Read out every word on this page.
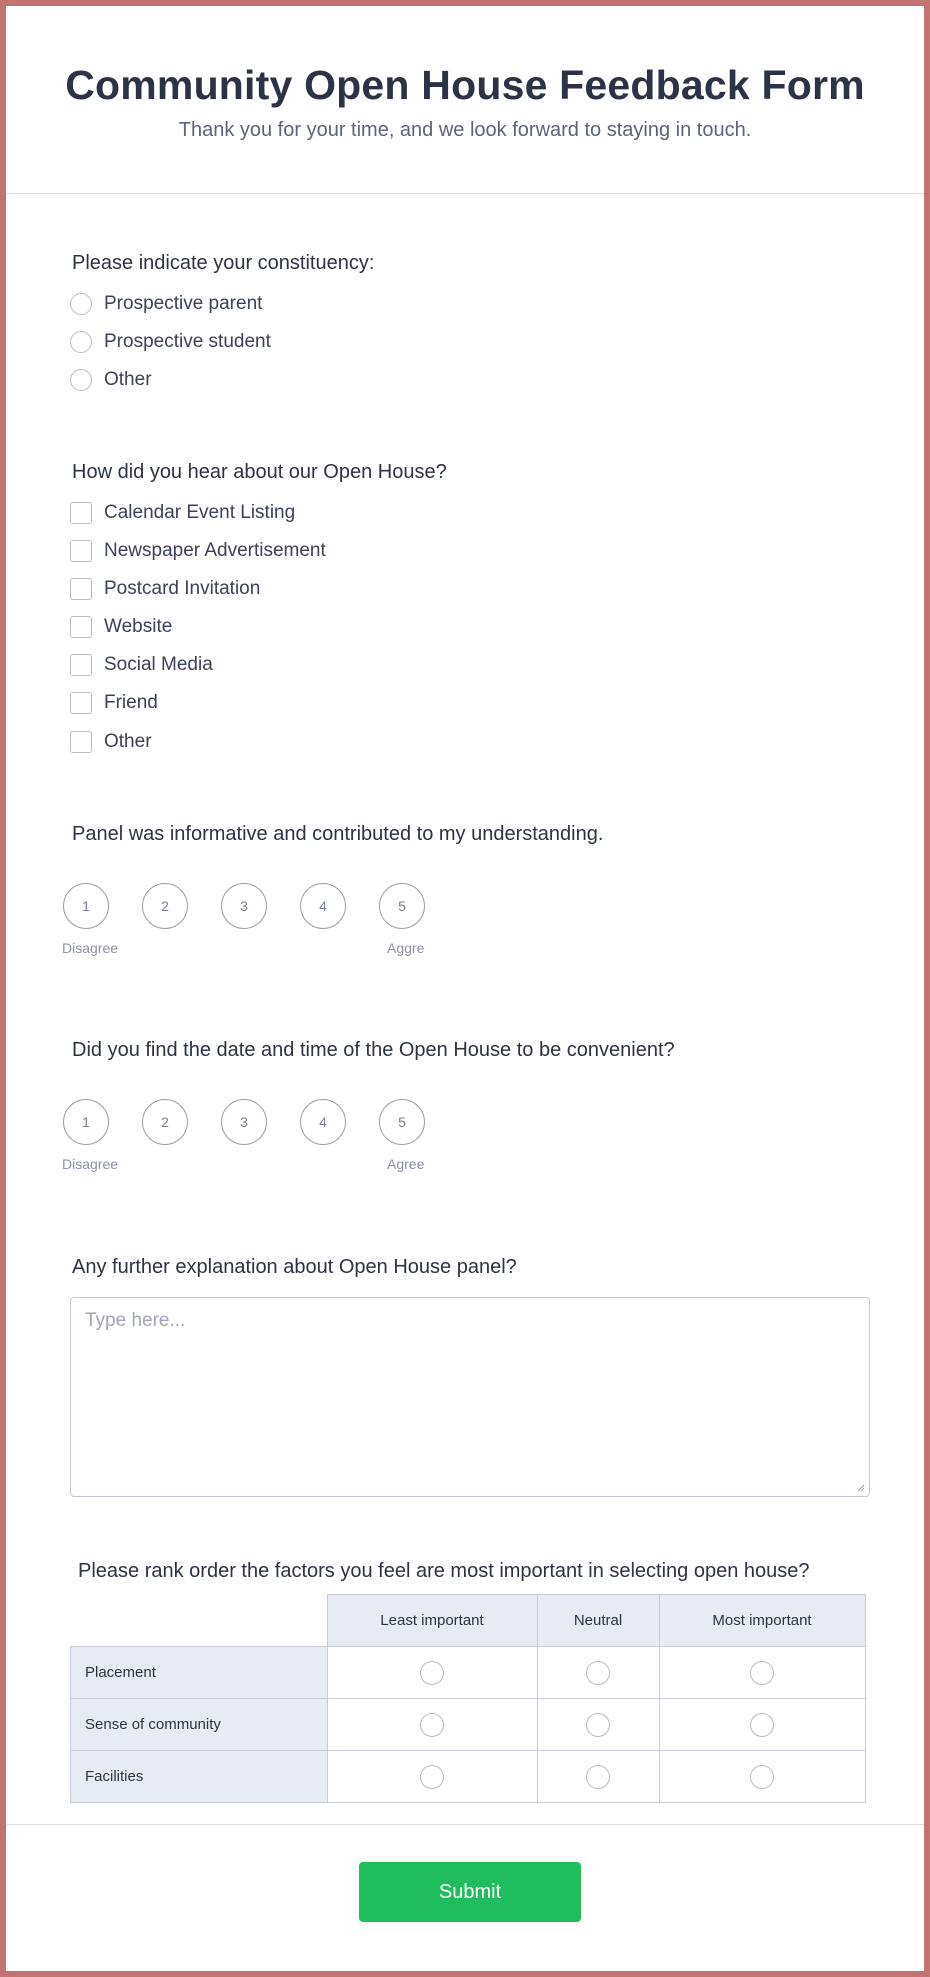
Community Open House Feedback Form
Thank you for your time, and we look forward to staying in touch.
Please indicate your constituency:
Prospective parent
Prospective student
Other
How did you hear about our Open House?
Calendar Event Listing
Newspaper Advertisement
Postcard Invitation
Website
Social Media
Friend
Other
Panel was informative and contributed to my understanding.
1	2	3	4	5
Disagree	Aggre
Did you find the date and time of the Open House to be convenient?
1	2	3	4	5
Disagree	Agree
Any further explanation about Open House panel?
Type here...
Please rank order the factors you feel are most important in selecting open house?
	Least important	Neutral	Most important
Placement			
Sense of community			
Facilities			
Submit
